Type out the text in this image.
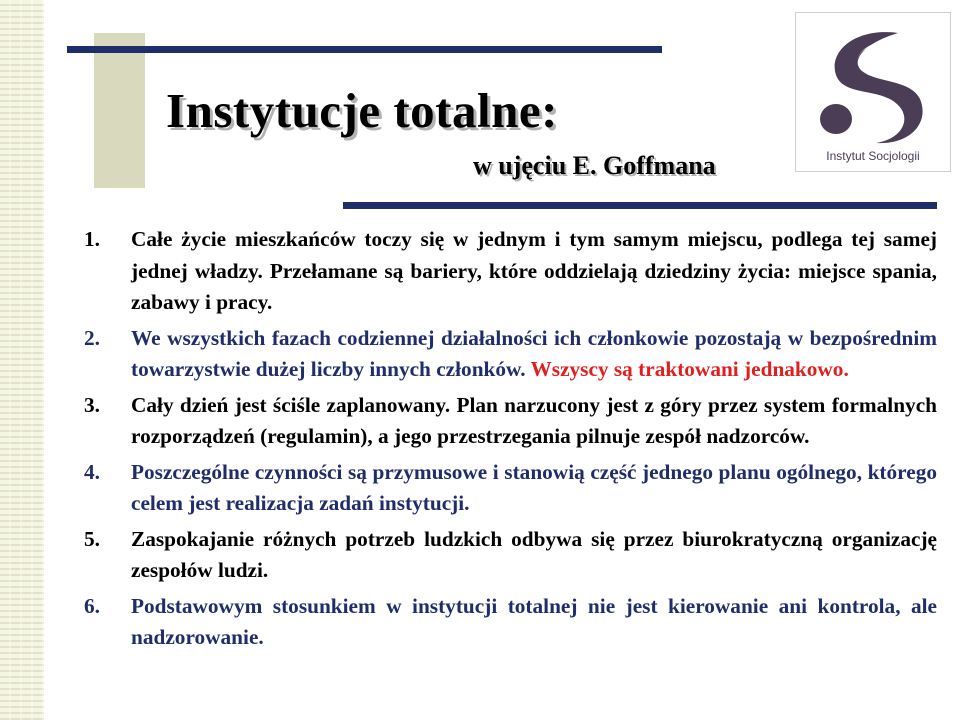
Instytucje totalne:
w ujęciu E. Goffmana	Instytut Socjologii
1. Całe życie mieszkańców toczy się w jednym i tym samym miejscu, podlega tej samej jednej władzy. Przełamane są bariery, które oddzielają dziedziny życia: miejsce spania, zabawy i pracy.
2. We wszystkich fazach codziennej działalności ich członkowie pozostają w bezpośrednim towarzystwie dużej liczby innych członków. Wszyscy są traktowani jednakowo.
3. Cały dzień jest ściśle zaplanowany. Plan narzucony jest z góry przez system formalnych rozporządzeń (regulamin), a jego przestrzegania pilnuje zespół nadzorców.
4. Poszczególne czynności są przymusowe i stanowią część jednego planu ogólnego, którego celem jest realizacja zadań instytucji.
5. Zaspokajanie różnych potrzeb ludzkich odbywa się przez biurokratyczną organizację zespołów ludzi.
6. Podstawowym stosunkiem w instytucji totalnej nie jest kierowanie ani kontrola, ale nadzorowanie.
